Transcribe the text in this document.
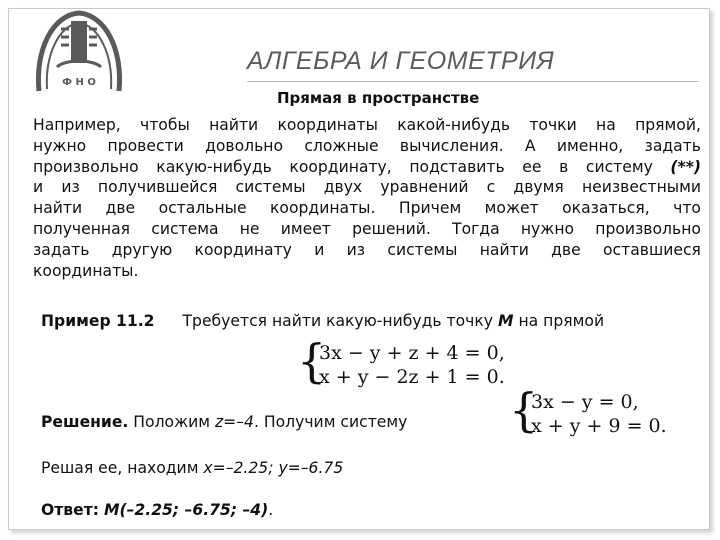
Ф Н О
АЛГЕБРА И ГЕОМЕТРИЯ
Прямая в пространстве
Например, чтобы найти координаты какой-нибудь точки на прямой,
нужно провести довольно сложные вычисления. А именно, задать
произвольно какую-нибудь координату, подставить ее в систему (**)
и из получившейся системы двух уравнений с двумя неизвестными
найти две остальные координаты. Причем может оказаться, что
полученная система не имеет решений. Тогда нужно произвольно
задать другую координату и из системы найти две оставшиеся
координаты.
Пример 11.2 Требуется найти какую-нибудь точку M на прямой
{
3x − y + z + 4 = 0,
x + y − 2z + 1 = 0.
Решение. Положим z=–4. Получим систему {
3x − y = 0,
x + y + 9 = 0.
Решая ее, находим x=–2.25; y=–6.75
Ответ: M(–2.25; –6.75; –4).
